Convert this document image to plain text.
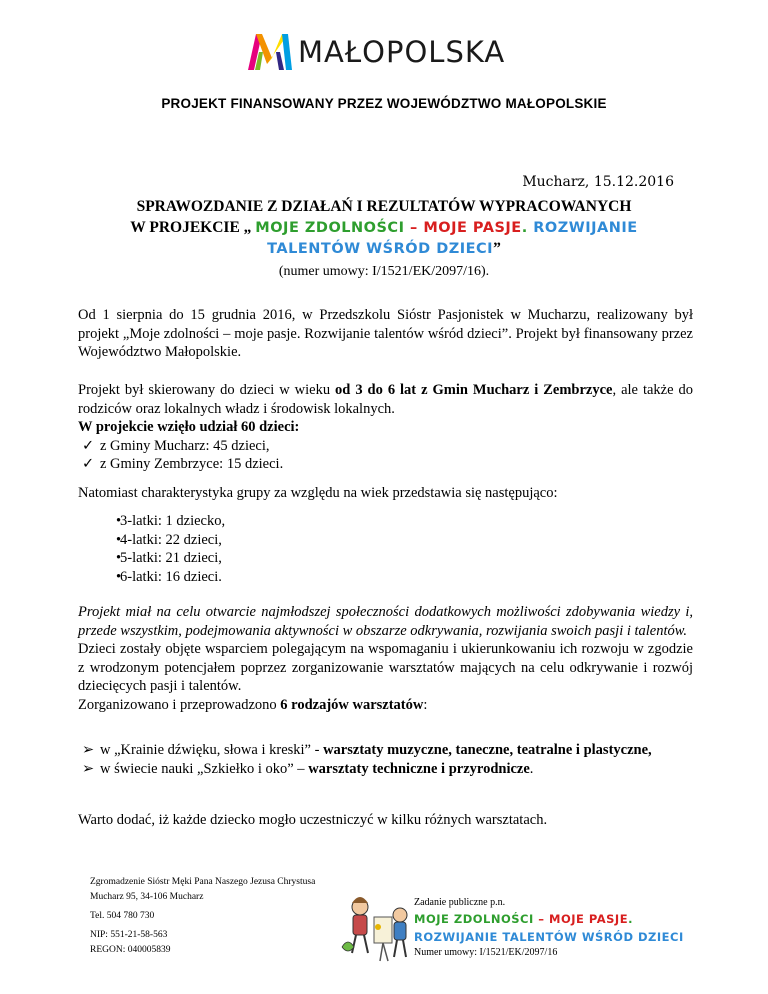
MAŁOPOLSKA
PROJEKT FINANSOWANY PRZEZ WOJEWÓDZTWO MAŁOPOLSKIE
Mucharz, 15.12.2016
SPRAWOZDANIE Z DZIAŁAŃ I REZULTATÓW WYPRACOWANYCH
W PROJEKCIE „ MOJE ZDOLNOŚCI – MOJE PASJE. ROZWIJANIE
TALENTÓW WŚRÓD DZIECI”
(numer umowy: I/1521/EK/2097/16).

Od 1 sierpnia do 15 grudnia 2016, w Przedszkolu Sióstr Pasjonistek w Mucharzu, realizowany był projekt „Moje zdolności – moje pasje. Rozwijanie talentów wśród dzieci”. Projekt był finansowany przez Województwo Małopolskie.

Projekt był skierowany do dzieci w wieku od 3 do 6 lat z Gmin Mucharz i Zembrzyce, ale także do rodziców oraz lokalnych władz i środowisk lokalnych.

W projekcie wzięło udział 60 dzieci:

✓ z Gminy Mucharz: 45 dzieci,
✓ z Gminy Zembrzyce: 15 dzieci.

Natomiast charakterystyka grupy za względu na wiek przedstawia się następująco:

•
3-latki: 1 dziecko,
•
4-latki: 22 dzieci,
•
5-latki: 21 dzieci,
•
6-latki: 16 dzieci.

Projekt miał na celu otwarcie najmłodszej społeczności dodatkowych możliwości zdobywania wiedzy i, przede wszystkim, podejmowania aktywności w obszarze odkrywania, rozwijania swoich pasji i talentów.

Dzieci zostały objęte wsparciem polegającym na wspomaganiu i ukierunkowaniu ich rozwoju w zgodzie z wrodzonym potencjałem poprzez zorganizowanie warsztatów mających na celu odkrywanie i rozwój dziecięcych pasji i talentów.

Zorganizowano i przeprowadzono 6 rodzajów warsztatów:

➢ w „Krainie dźwięku, słowa i kreski” - warsztaty muzyczne, taneczne, teatralne i plastyczne,
➢ w świecie nauki „Szkiełko i oko” – warsztaty techniczne i przyrodnicze.

Warto dodać, iż każde dziecko mogło uczestniczyć w kilku różnych warsztatach.

Zgromadzenie Sióstr Męki Pana Naszego Jezusa Chrystusa
Mucharz 95, 34-106 Mucharz
Tel. 504 780 730
NIP: 551-21-58-563
REGON: 040005839
Zadanie publiczne p.n.
MOJE ZDOLNOŚCI – MOJE PASJE.
ROZWIJANIE TALENTÓW WŚRÓD DZIECI
Numer umowy: I/1521/EK/2097/16
